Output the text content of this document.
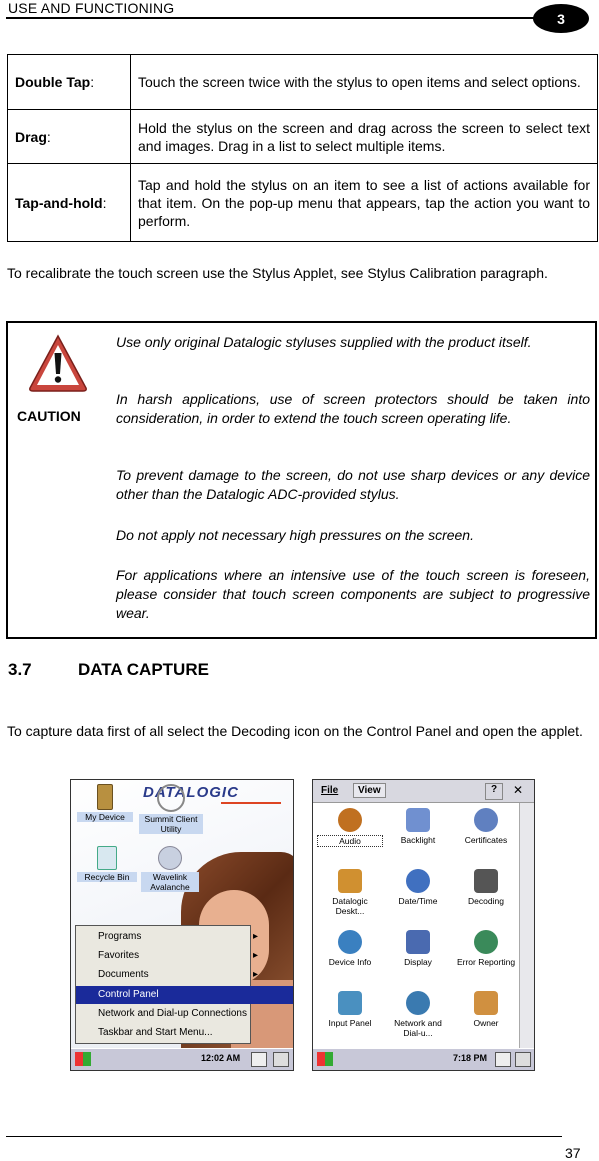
USE AND FUNCTIONING
3
Double Tap:	Touch the screen twice with the stylus to open items and select options.
Drag:	Hold the stylus on the screen and drag across the screen to select text and images. Drag in a list to select multiple items.
Tap-and-hold:	Tap and hold the stylus on an item to see a list of actions available for that item. On the pop-up menu that appears, tap the action you want to perform.
To recalibrate the touch screen use the Stylus Applet, see Stylus Calibration paragraph.
CAUTION
Use only original Datalogic styluses supplied with the product itself.
In harsh applications, use of screen protectors should be taken into consideration, in order to extend the touch screen operating life.
To prevent damage to the screen, do not use sharp devices or any device other than the Datalogic ADC-provided stylus.
Do not apply not necessary high pressures on the screen.
For applications where an intensive use of the touch screen is foreseen, please consider that touch screen components are subject to progressive wear.
3.7	DATA CAPTURE
To capture data first of all select the Decoding icon on the Control Panel and open the applet.
DATALOGIC
My Device	Summit Client Utility
Recycle Bin	Wavelink Avalanche
Programs	▸
Favorites	▸
Documents	▸
Control Panel
Network and Dial-up Connections
Taskbar and Start Menu...
12:02 AM
File	View	?	✕
Audio	Backlight	Certificates
Datalogic Deskt...
Date/Time	Decoding
Device Info	Display	Error Reporting
Input Panel	Network and Dial-u...
Owner
7:18 PM
37
